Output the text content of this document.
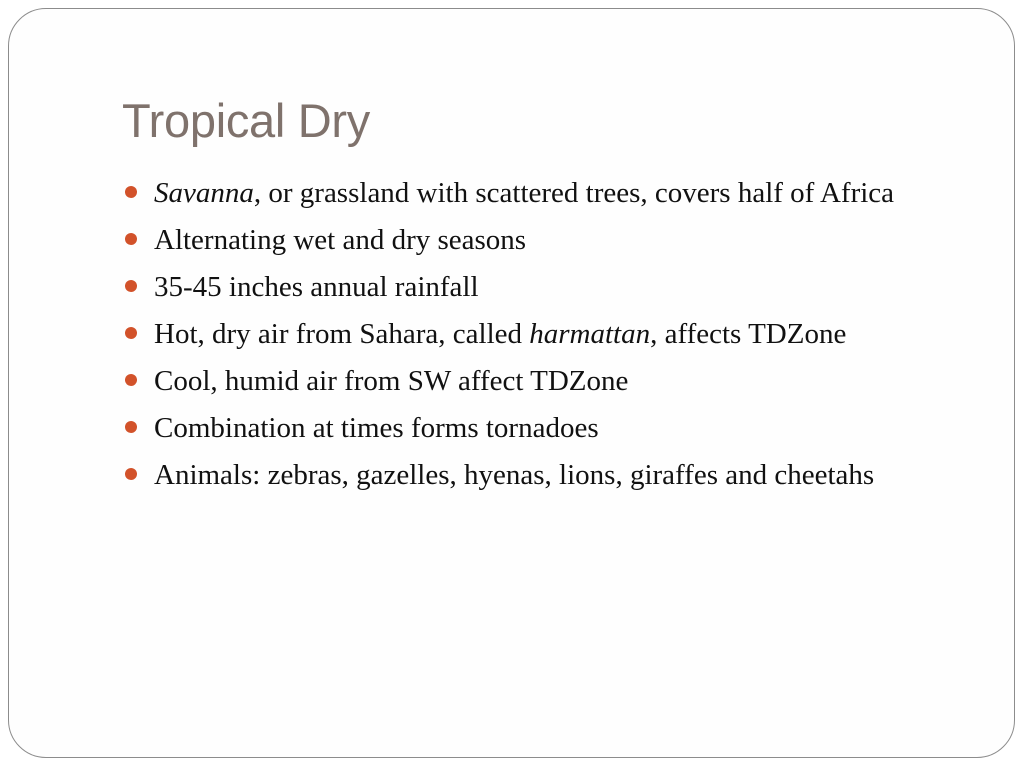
Tropical Dry
Savanna, or grassland with scattered trees, covers half of Africa
Alternating wet and dry seasons
35-45 inches annual rainfall
Hot, dry air from Sahara, called harmattan, affects TDZone
Cool, humid air from SW affect TDZone
Combination at times forms tornadoes
Animals: zebras, gazelles, hyenas, lions, giraffes and cheetahs
